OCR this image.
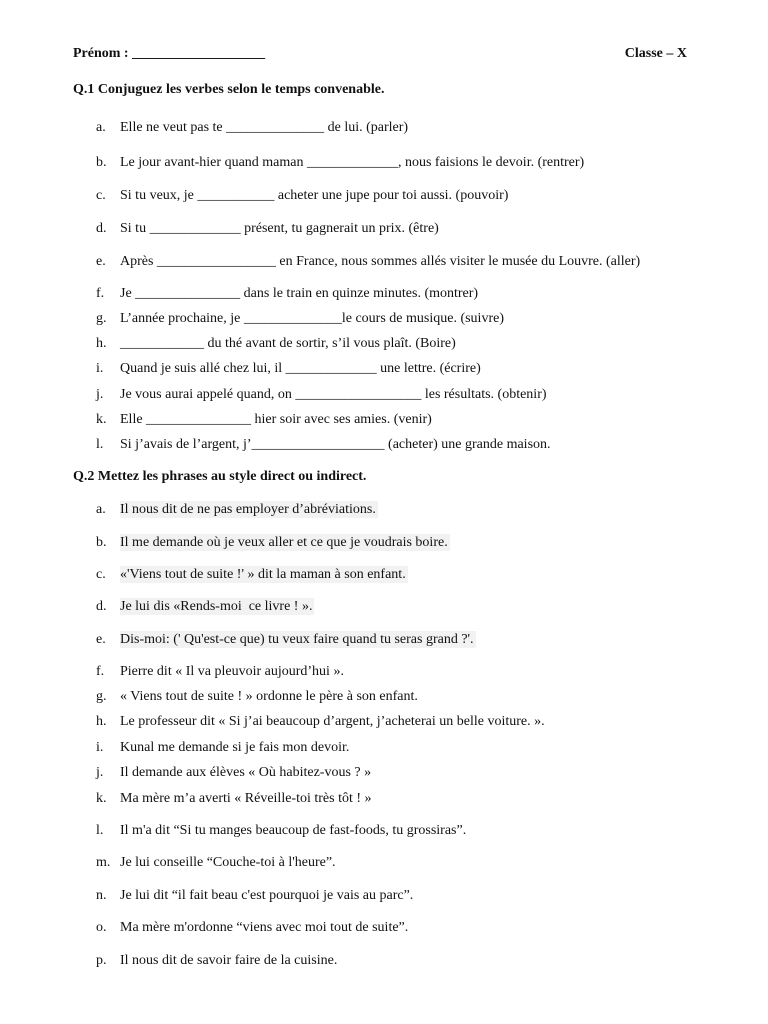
Prénom : ___________________	Classe – X
Q.1 Conjuguez les verbes selon le temps convenable.

a.

	Elle ne veut pas te ______________ de lui. (parler)

b.

Le jour avant-hier quand maman _____________, nous faisions le devoir. (rentrer)

c.

	Si tu veux, je ___________ acheter une jupe pour toi aussi. (pouvoir)

d.

Si tu _____________ présent, tu gagnerait un prix. (être)

e.

	Après _________________ en France, nous sommes allés visiter le musée du Louvre. (aller)

f.

	Je _______________ dans le train en quinze minutes. (montrer)

g.

L’année prochaine, je ______________le cours de musique. (suivre)

h.

____________ du thé avant de sortir, s’il vous plaît. (Boire)

i.

	Quand je suis allé chez lui, il _____________ une lettre. (écrire)

j.

	Je vous aurai appelé quand, on __________________ les résultats. (obtenir)

k.

Elle _______________ hier soir avec ses amies. (venir)

l.

	Si j’avais de l’argent, j’___________________ (acheter) une grande maison.

Q.2 Mettez les phrases au style direct ou indirect.

a.

	Il nous dit de ne pas employer d’abréviations.

b.

Il me demande où je veux aller et ce que je voudrais boire.

c.

	«'Viens tout de suite !' » dit la maman à son enfant.

d.

Je lui dis «Rends-moi  ce livre ! ».

e.

	Dis-moi: (' Qu'est-ce que) tu veux faire quand tu seras grand ?'.

f.

	Pierre dit « Il va pleuvoir aujourd’hui ».

g.

« Viens tout de suite ! » ordonne le père à son enfant.

h.

Le professeur dit « Si j’ai beaucoup d’argent, j’acheterai un belle voiture. ».

i.

	Kunal me demande si je fais mon devoir.

j.

	Il demande aux élèves « Où habitez-vous ? »

k.

Ma mère m’a averti « Réveille-toi très tôt ! »

l.

	Il m'a dit “Si tu manges beaucoup de fast-foods, tu grossiras”.

m.

Je lui conseille “Couche-toi à l'heure”.

n.

Je lui dit “il fait beau c'est pourquoi je vais au parc”.

o.

Ma mère m'ordonne “viens avec moi tout de suite”.

p.

Il nous dit de savoir faire de la cuisine.
